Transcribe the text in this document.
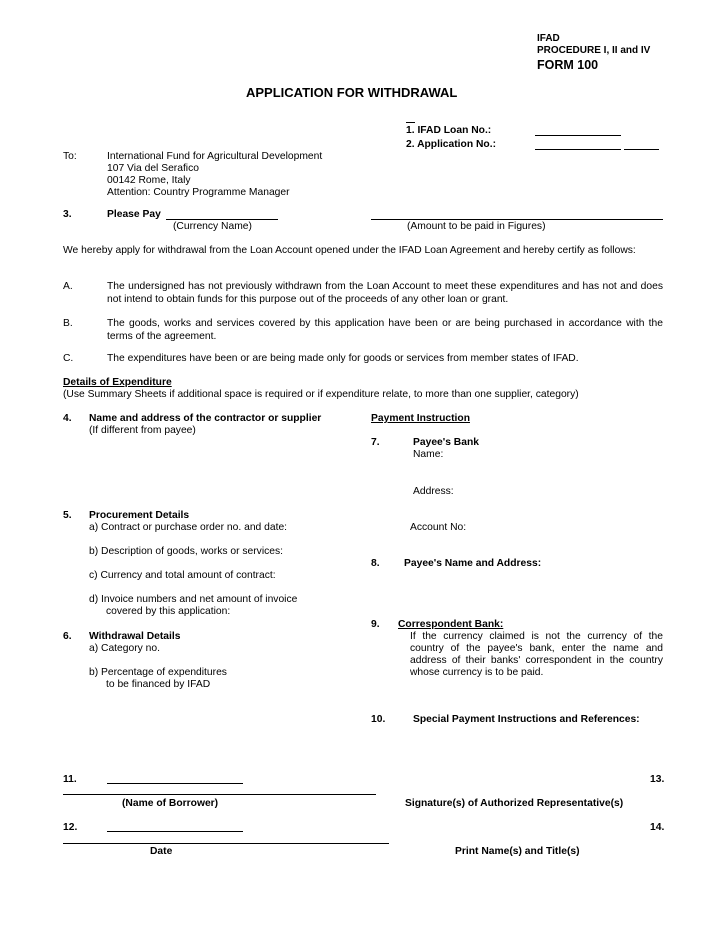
IFAD
PROCEDURE I, II and IV
FORM 100
APPLICATION FOR WITHDRAWAL
1. IFAD Loan No.:
2. Application No.:
To:	International Fund for Agricultural Development
107 Via del Serafico
00142 Rome, Italy
Attention: Country Programme Manager
3.	Please Pay
(Currency Name)	(Amount to be paid in Figures)
We hereby apply for withdrawal from the Loan Account opened under the IFAD Loan Agreement and hereby certify as follows:
A.	The undersigned has not previously withdrawn from the Loan Account to meet these expenditures and has not and does not intend to obtain funds for this purpose out of the proceeds of any other loan or grant.
B.	The goods, works and services covered by this application have been or are being purchased in accordance with the terms of the agreement.
C.	The expenditures have been or are being made only for goods or services from member states of IFAD.
Details of Expenditure
(Use Summary Sheets if additional space is required or if expenditure relate, to more than one supplier, category)
4. Name and address of the contractor or supplier
(If different from payee)
5. Procurement Details
a) Contract or purchase order no. and date:
b) Description of goods, works or services:
c) Currency and total amount of contract:
d) Invoice numbers and net amount of invoice
covered by this application:
6. Withdrawal Details
a) Category no.
b) Percentage of expenditures
to be financed by IFAD
Payment Instruction
7.	Payee's Bank
Name:
Address:
Account No:
8. Payee's Name and Address:
9. Correspondent Bank:
If the currency claimed is not the currency of the country of the payee's bank, enter the name and address of their banks' correspondent in the country whose currency is to be paid.
10.	Special Payment Instructions and References:
11.	13.
(Name of Borrower)	Signature(s) of Authorized Representative(s)
12.	14.
Date	Print Name(s) and Title(s)
